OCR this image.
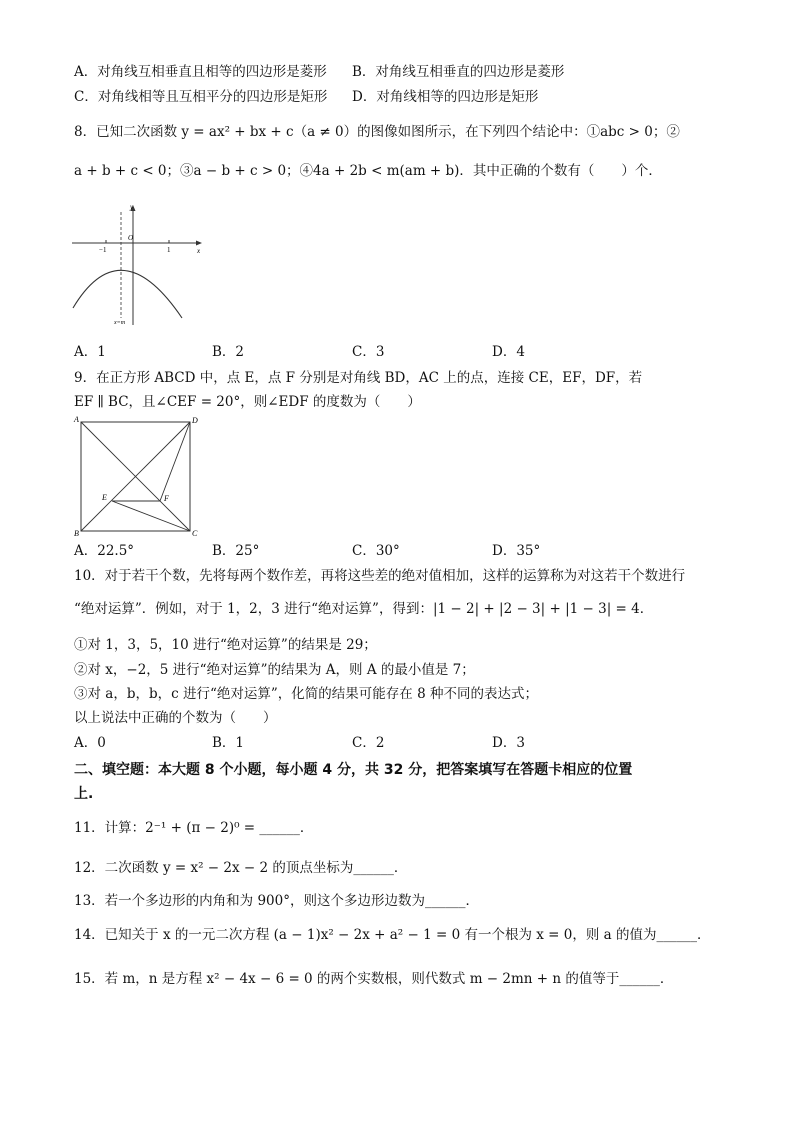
A．对角线互相垂直且相等的四边形是菱形 B．对角线互相垂直的四边形是菱形
C．对角线相等且互相平分的四边形是矩形 D．对角线相等的四边形是矩形
8．已知二次函数 y = ax² + bx + c（a ≠ 0）的图像如图所示，在下列四个结论中：①abc > 0；②
a + b + c < 0；③a − b + c > 0；④4a + 2b < m(am + b)．其中正确的个数有（　　）个．
y
x
O
−1	1
x=m
A．1	B．2	C．3	D．4
9．在正方形 ABCD 中，点 E，点 F 分别是对角线 BD，AC 上的点，连接 CE，EF，DF，若
EF ∥ BC，且∠CEF = 20°，则∠EDF 的度数为（　　）
A	D
B	C
E	F
A．22.5°	B．25°	C．30°	D．35°
10．对于若干个数，先将每两个数作差，再将这些差的绝对值相加，这样的运算称为对这若干个数进行
“绝对运算”．例如，对于 1，2，3 进行“绝对运算”，得到：|1 − 2| + |2 − 3| + |1 − 3| = 4．
①对 1，3，5，10 进行“绝对运算”的结果是 29；
②对 x，−2，5 进行“绝对运算”的结果为 A，则 A 的最小值是 7；
③对 a，b，b，c 进行“绝对运算”，化简的结果可能存在 8 种不同的表达式；
以上说法中正确的个数为（　　）
A．0	B．1	C．2	D．3
二、填空题：本大题 8 个小题，每小题 4 分，共 32 分，把答案填写在答题卡相应的位置
上.
11．计算：2⁻¹ + (π − 2)⁰ = ______．
12．二次函数 y = x² − 2x − 2 的顶点坐标为______．
13．若一个多边形的内角和为 900°，则这个多边形边数为______．
14．已知关于 x 的一元二次方程 (a − 1)x² − 2x + a² − 1 = 0 有一个根为 x = 0，则 a 的值为______．
15．若 m，n 是方程 x² − 4x − 6 = 0 的两个实数根，则代数式 m − 2mn + n 的值等于______．
